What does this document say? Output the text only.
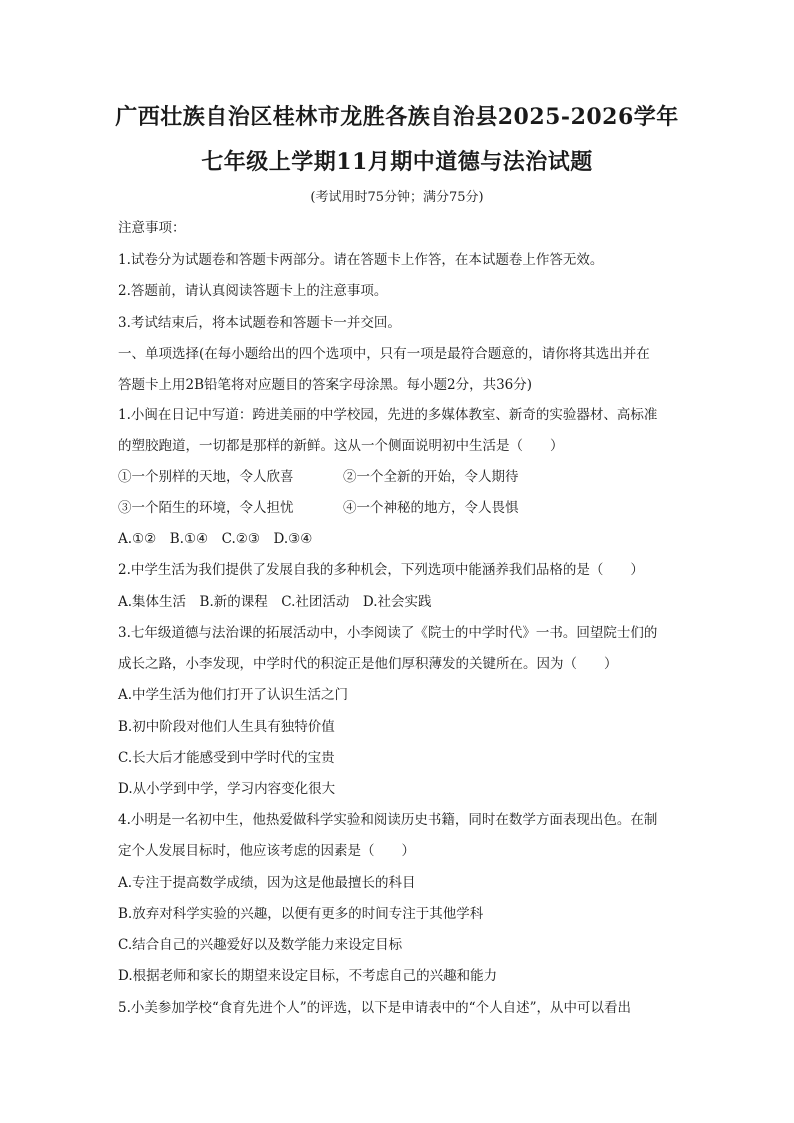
广西壮族自治区桂林市龙胜各族自治县2025-2026学年
七年级上学期11月期中道德与法治试题
(考试用时75分钟；满分75分)
注意事项：
1.试卷分为试题卷和答题卡两部分。请在答题卡上作答，在本试题卷上作答无效。
2.答题前，请认真阅读答题卡上的注意事项。
3.考试结束后，将本试题卷和答题卡一并交回。
一、单项选择(在每小题给出的四个选项中，只有一项是最符合题意的，请你将其选出并在
答题卡上用2B铅笔将对应题目的答案字母涂黑。每小题2分，共36分)
1.小闽在日记中写道：跨进美丽的中学校园，先进的多媒体教室、新奇的实验器材、高标准
的塑胶跑道，一切都是那样的新鲜。这从一个侧面说明初中生活是（　　）
①一个别样的天地，令人欣喜	②一个全新的开始，令人期待
③一个陌生的环境，令人担忧	④一个神秘的地方，令人畏惧
A.①②　B.①④　C.②③　D.③④
2.中学生活为我们提供了发展自我的多种机会，下列选项中能涵养我们品格的是（　　）
A.集体生活　B.新的课程　C.社团活动　D.社会实践
3.七年级道德与法治课的拓展活动中，小李阅读了《院士的中学时代》一书。回望院士们的
成长之路，小李发现，中学时代的积淀正是他们厚积薄发的关键所在。因为（　　）
A.中学生活为他们打开了认识生活之门
B.初中阶段对他们人生具有独特价值
C.长大后才能感受到中学时代的宝贵
D.从小学到中学，学习内容变化很大
4.小明是一名初中生，他热爱做科学实验和阅读历史书籍，同时在数学方面表现出色。在制
定个人发展目标时，他应该考虑的因素是（　　）
A.专注于提高数学成绩，因为这是他最擅长的科目
B.放弃对科学实验的兴趣，以便有更多的时间专注于其他学科
C.结合自己的兴趣爱好以及数学能力来设定目标
D.根据老师和家长的期望来设定目标，不考虑自己的兴趣和能力
5.小美参加学校“食育先进个人”的评选，以下是申请表中的“个人自述”，从中可以看出
